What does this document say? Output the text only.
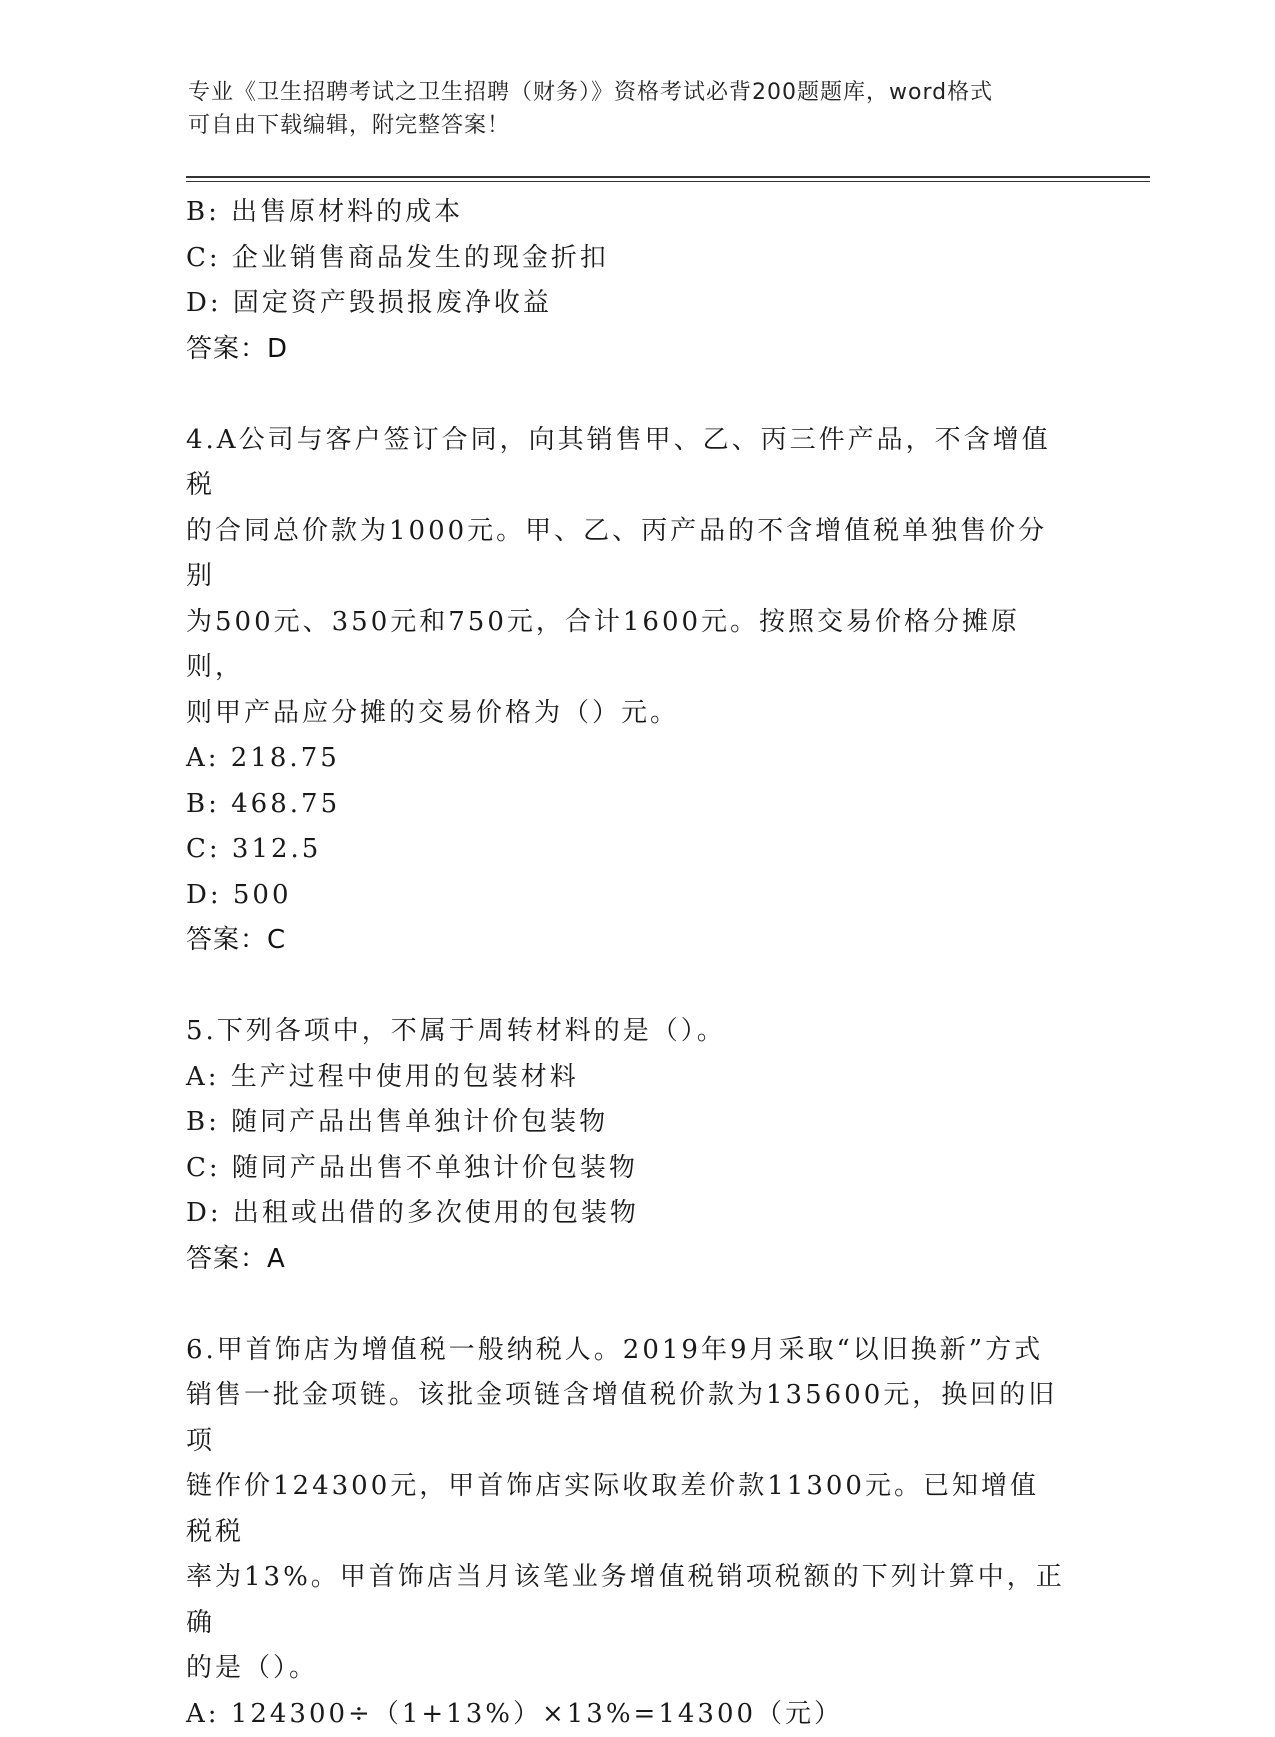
专业《卫生招聘考试之卫生招聘（财务）》资格考试必背200题题库，word格式
可自由下载编辑，附完整答案！
B: 出售原材料的成本
C: 企业销售商品发生的现金折扣
D: 固定资产毁损报废净收益
答案：D
4.A公司与客户签订合同，向其销售甲、乙、丙三件产品，不含增值税
的合同总价款为1000元。甲、乙、丙产品的不含增值税单独售价分别
为500元、350元和750元，合计1600元。按照交易价格分摊原则，
则甲产品应分摊的交易价格为（）元。
A: 218.75
B: 468.75
C: 312.5
D: 500
答案：C
5.下列各项中，不属于周转材料的是（）。
A: 生产过程中使用的包装材料
B: 随同产品出售单独计价包装物
C: 随同产品出售不单独计价包装物
D: 出租或出借的多次使用的包装物
答案：A
6.甲首饰店为增值税一般纳税人。2019年9月采取“以旧换新”方式
销售一批金项链。该批金项链含增值税价款为135600元，换回的旧项
链作价124300元，甲首饰店实际收取差价款11300元。已知增值税税
率为13%。甲首饰店当月该笔业务增值税销项税额的下列计算中，正确
的是（）。
A: 124300÷（1+13%）×13%=14300（元）
